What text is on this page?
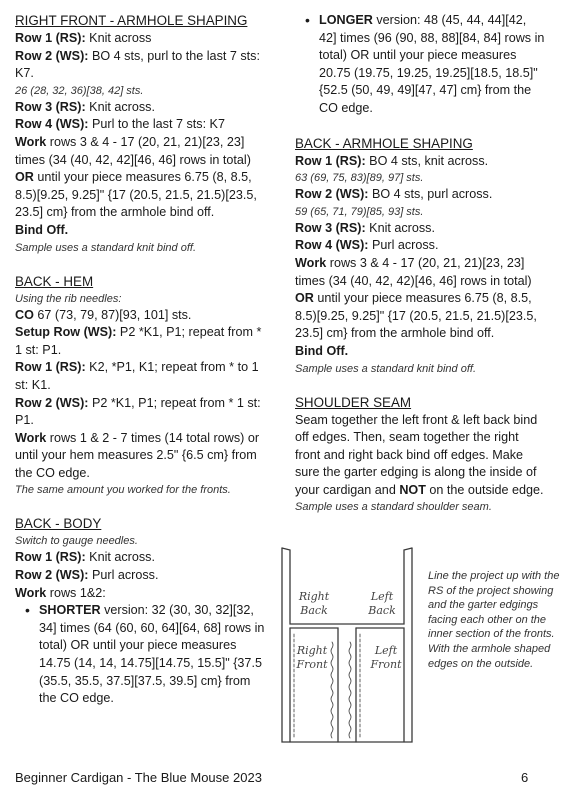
RIGHT FRONT - ARMHOLE SHAPING

Row 1 (RS): Knit across

Row 2 (WS): BO 4 sts, purl to the last 7 sts: K7.

26 (28, 32, 36)[38, 42] sts.

Row 3 (RS): Knit across.

Row 4 (WS): Purl to the last 7 sts: K7

Work rows 3 & 4 - 17 (20, 21, 21)[23, 23] times (34 (40, 42, 42][46, 46] rows in total)

OR until your piece measures 6.75 (8, 8.5, 8.5)[9.25, 9.25]" {17 (20.5, 21.5, 21.5)[23.5, 23.5] cm} from the armhole bind off.

Bind Off.

Sample uses a standard knit bind off.

BACK - HEM

Using the rib needles:

CO 67 (73, 79, 87)[93, 101] sts.

Setup Row (WS): P2 *K1, P1; repeat from * 1 st: P1.

Row 1 (RS): K2, *P1, K1; repeat from * to 1 st: K1.

Row 2 (WS): P2 *K1, P1; repeat from * 1 st: P1.

Work rows 1 & 2 - 7 times (14 total rows) or until your hem measures 2.5" {6.5 cm} from the CO edge.

The same amount you worked for the fronts.

BACK - BODY

Switch to gauge needles.

Row 1 (RS): Knit across.

Row 2 (WS): Purl across.

Work rows 1&2:

• SHORTER version: 32 (30, 30, 32][32, 34] times (64 (60, 60, 64][64, 68] rows in total) OR until your piece measures 14.75 (14, 14, 14.75][14.75, 15.5]" {37.5 (35.5, 35.5, 37.5][37.5, 39.5] cm} from the CO edge.
• LONGER version: 48 (45, 44, 44][42, 42] times (96 (90, 88, 88][84, 84] rows in total) OR until your piece measures 20.75 (19.75, 19.25, 19.25][18.5, 18.5]" {52.5 (50, 49, 49][47, 47] cm} from the CO edge.

BACK - ARMHOLE SHAPING

Row 1 (RS): BO 4 sts, knit across.

63 (69, 75, 83)[89, 97] sts.

Row 2 (WS): BO 4 sts, purl across.

59 (65, 71, 79)[85, 93] sts.

Row 3 (RS): Knit across.

Row 4 (WS): Purl across.

Work rows 3 & 4 - 17 (20, 21, 21)[23, 23] times (34 (40, 42, 42)[46, 46] rows in total)

OR until your piece measures 6.75 (8, 8.5, 8.5)[9.25, 9.25]" {17 (20.5, 21.5, 21.5)[23.5, 23.5] cm} from the armhole bind off.

Bind Off.

Sample uses a standard knit bind off.

SHOULDER SEAM

Seam together the left front & left back bind off edges. Then, seam together the right front and right back bind off edges. Make sure the garter edging is along the inside of your cardigan and NOT on the outside edge.

Sample uses a standard shoulder seam.

Right Back
Left Back
Right Front
Left Front
Line the project up with the RS of the project showing and the garter edgings facing each other on the inner section of the fronts. With the armhole shaped edges on the outside.
Beginner Cardigan - The Blue Mouse 2023	6
